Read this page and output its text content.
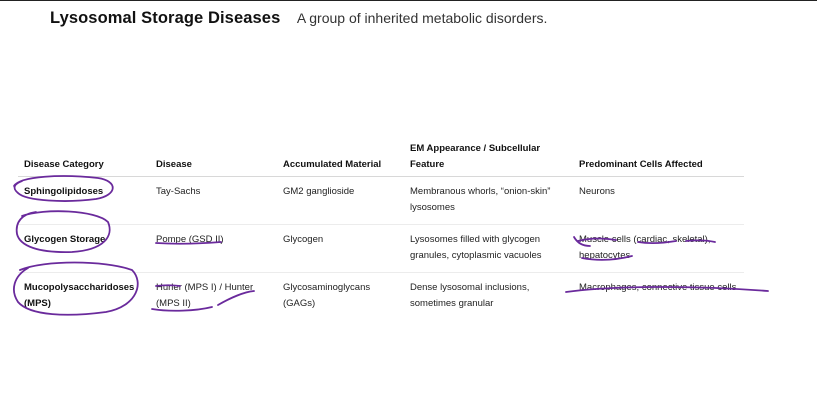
Lysosomal Storage Diseases A group of inherited metabolic disorders.
Disease Category	Disease	Accumulated Material	EM Appearance / Subcellular Feature	Predominant Cells Affected
Sphingolipidoses	Tay-Sachs	GM2 ganglioside	Membranous whorls, “onion-skin” lysosomes	Neurons
Glycogen Storage	Pompe (GSD II)	Glycogen	Lysosomes filled with glycogen granules, cytoplasmic vacuoles	Muscle cells (cardiac, skeletal), hepatocytes
Mucopolysaccharidoses (MPS)	Hurler (MPS I) / Hunter (MPS II)	Glycosaminoglycans (GAGs)	Dense lysosomal inclusions, sometimes granular	Macrophages, connective tissue cells
